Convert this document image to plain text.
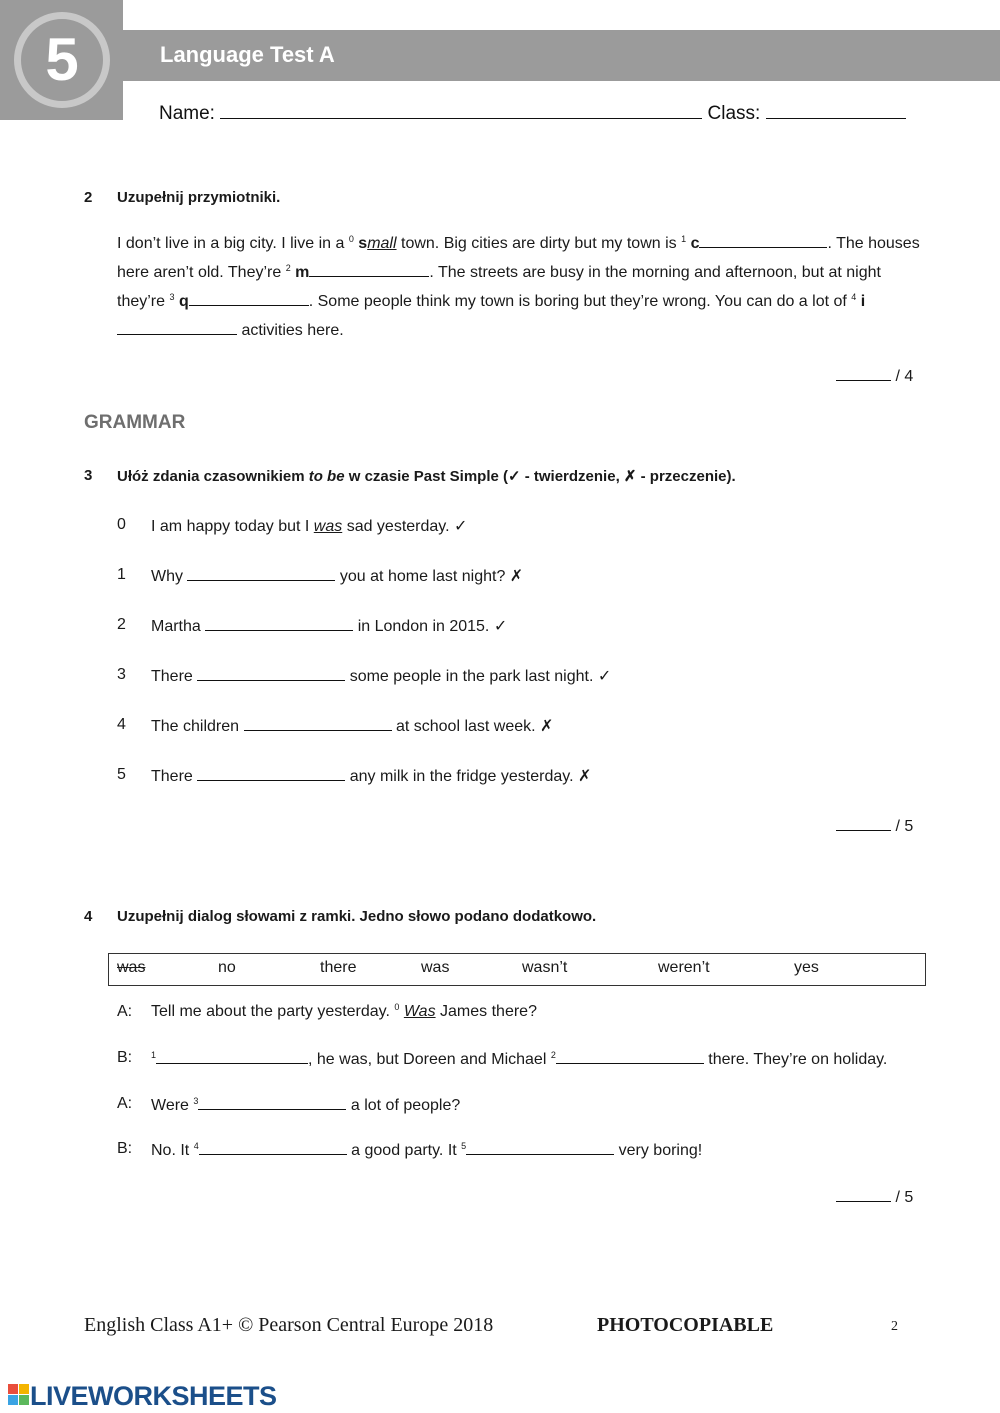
5	Language Test A
Name:	Class:
2 Uzupełnij przymiotniki.
I don’t live in a big city. I live in a $^0$ small town. Big cities are dirty but my town is $^1$ c	. The houses here aren’t old. They’re $^2$ m	. The streets are busy in the morning and afternoon, but at night they’re $^3$ q	. Some people think my town is boring but they’re wrong. You can do a lot of $^4$ i activities here.
/ 4
GRAMMAR
3 Ułóż zdania czasownikiem to be w czasie Past Simple (✓ - twierdzenie, ✗ - przeczenie).
0 I am happy today but I was sad yesterday. ✓
1 Why	you at home last night? ✗
2 Martha	in London in 2015. ✓
3 There	some people in the park last night. ✓
4 The children	at school last week. ✗
5 There	any milk in the fridge yesterday. ✗
/ 5
4 Uzupełnij dialog słowami z ramki. Jedno słowo podano dodatkowo.
was	no	there	was	wasn’t	weren’t	yes
A: Tell me about the party yesterday. $^0$ Was James there?
B: $^1$	, he was, but Doreen and Michael $^2$	there. They’re on holiday.
A: Were $^3$	a lot of people?
B: No. It $^4$	a good party. It $^5$	very boring!
/ 5
English Class A1+ © Pearson Central Europe 2018	PHOTOCOPIABLE	2
LIVEWORKSHEETS
